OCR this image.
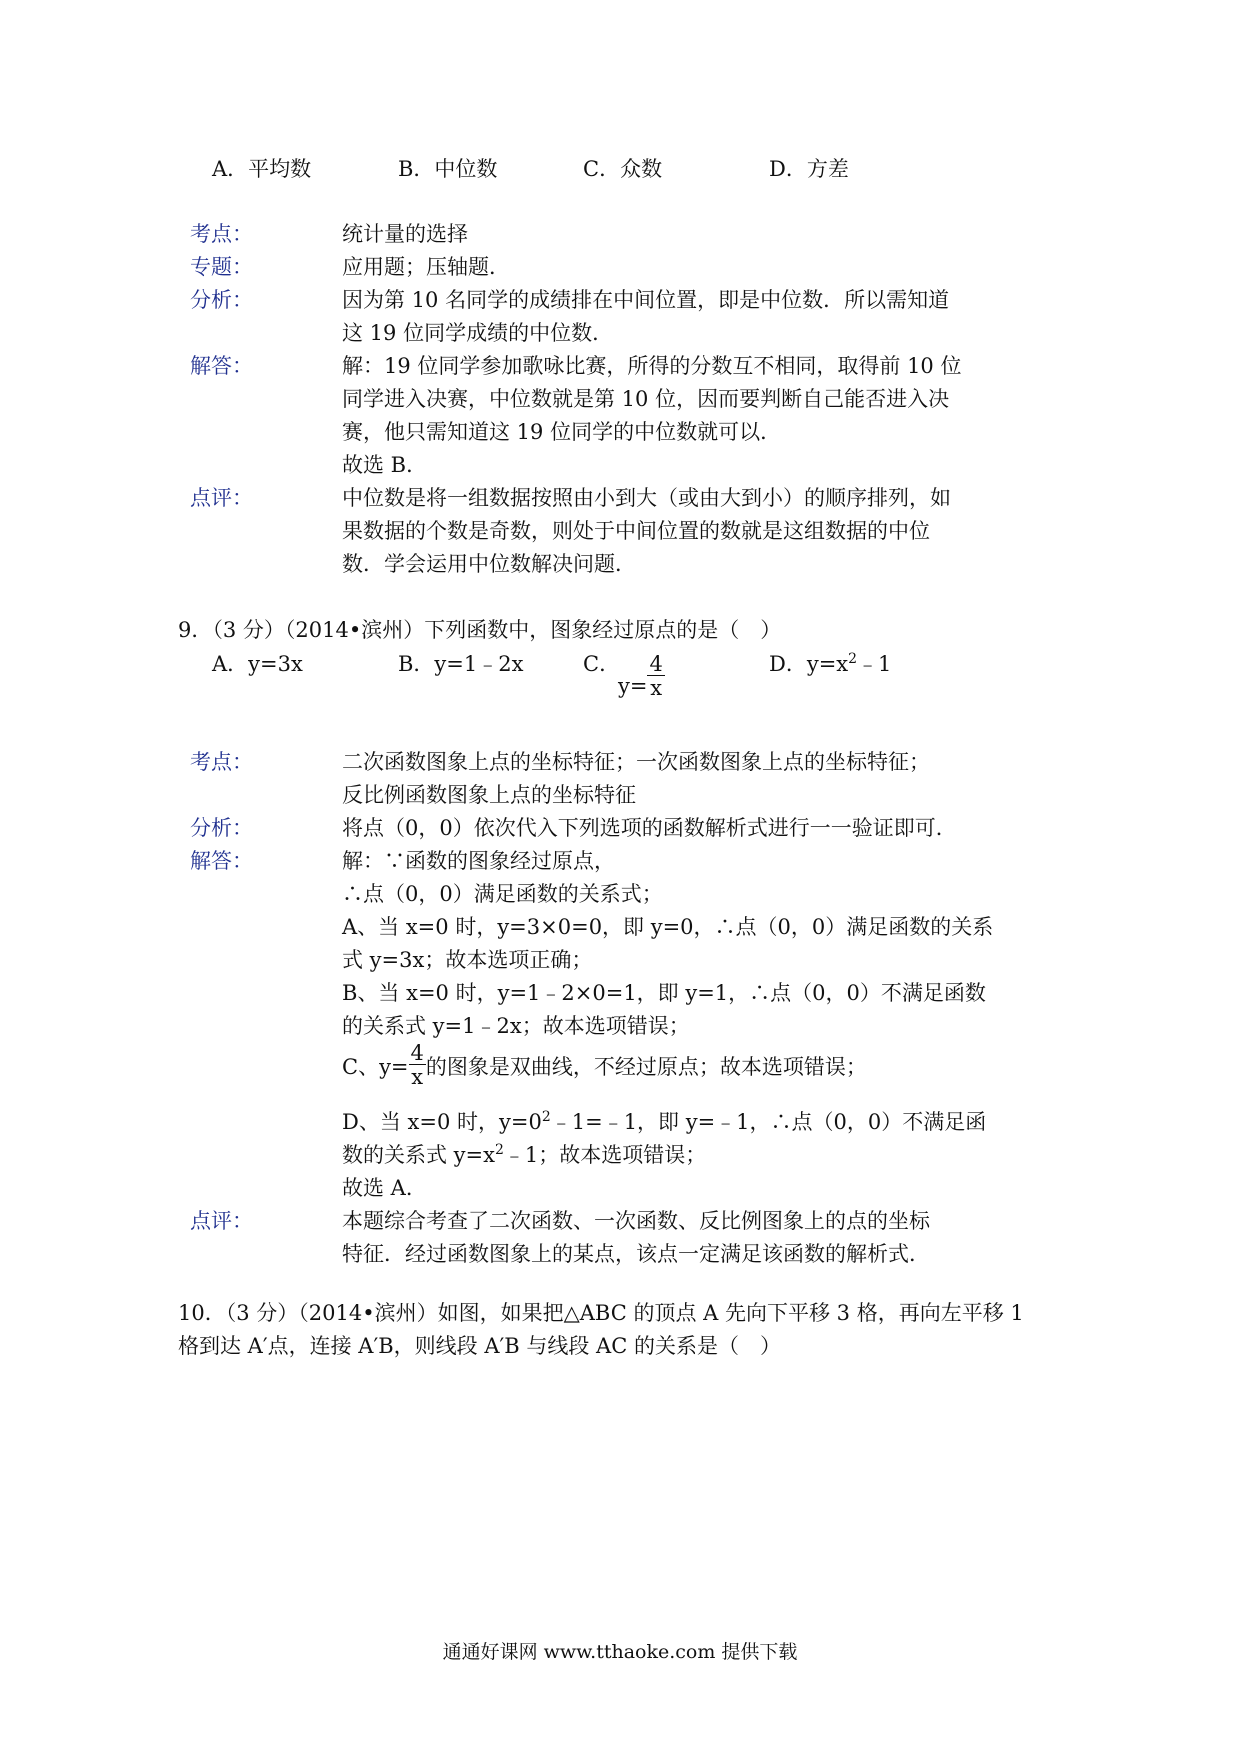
A．平均数	B．中位数	C．众数	D．方差
考点：	统计量的选择
专题：	应用题；压轴题．
分析：	因为第 10 名同学的成绩排在中间位置，即是中位数．所以需知道
这 19 位同学成绩的中位数．
解答：	解：19 位同学参加歌咏比赛，所得的分数互不相同，取得前 10 位
同学进入决赛，中位数就是第 10 位，因而要判断自己能否进入决
赛，他只需知道这 19 位同学的中位数就可以．
故选 B．
点评：	中位数是将一组数据按照由小到大（或由大到小）的顺序排列，如
果数据的个数是奇数，则处于中间位置的数就是这组数据的中位
数．学会运用中位数解决问题．
9．（3 分）（2014•滨州）下列函数中，图象经过原点的是（　）
A．y=3x	B．y=1﹣2x	C．
$y= \frac{4}{x}$	D．$y=x^2﹣1$
考点：	二次函数图象上点的坐标特征；一次函数图象上点的坐标特征；
反比例函数图象上点的坐标特征
分析：	将点（0，0）依次代入下列选项的函数解析式进行一一验证即可．
解答：	解：∵函数的图象经过原点，
∴点（0，0）满足函数的关系式；
A、当 x=0 时，y=3×0=0，即 y=0，∴点（0，0）满足函数的关系
式 y=3x；故本选项正确；
B、当 x=0 时，y=1﹣2×0=1，即 y=1，∴点（0，0）不满足函数
的关系式 y=1﹣2x；故本选项错误；
C、$y= \frac{4}{x}$ 的图象是双曲线，不经过原点；故本选项错误；
D、当 x=0 时，$y=0^2﹣1=﹣1$，即 y=﹣1，∴点（0，0）不满足函
数的关系式 $y=x^2﹣1$；故本选项错误；
故选 A．
点评：	本题综合考查了二次函数、一次函数、反比例图象上的点的坐标
特征．经过函数图象上的某点，该点一定满足该函数的解析式．
10．（3 分）（2014•滨州）如图，如果把△ABC 的顶点 A 先向下平移 3 格，再向左平移 1
格到达 A′点，连接 A′B，则线段 A′B 与线段 AC 的关系是（　）
通通好课网 www.tthaoke.com 提供下载
